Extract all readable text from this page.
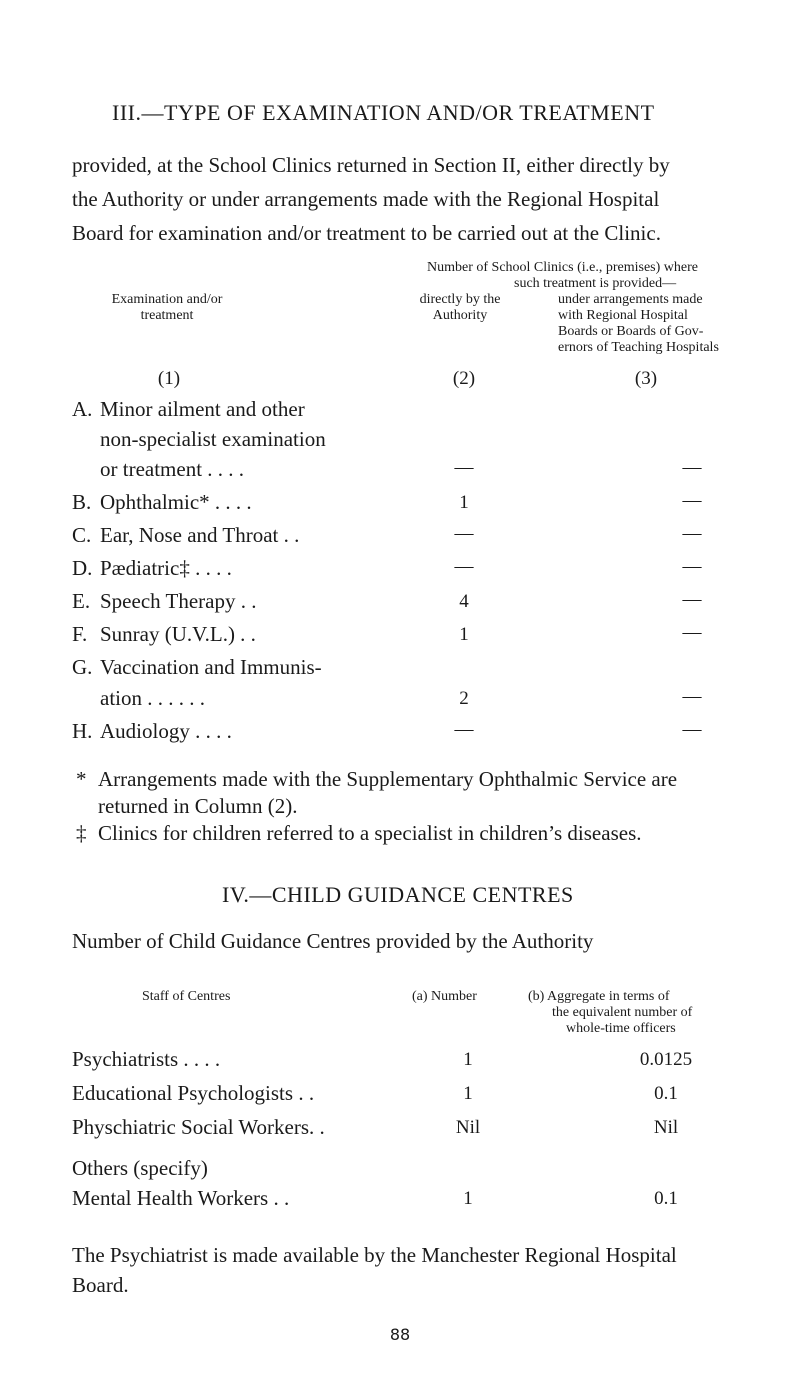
III.—TYPE OF EXAMINATION AND/OR TREATMENT
provided, at the School Clinics returned in Section II, either directly by
the Authority or under arrangements made with the Regional Hospital
Board for examination and/or treatment to be carried out at the Clinic.
Number of School Clinics (i.e., premises) where
such treatment is provided—
Examination and/or
treatment
directly by the
Authority
under arrangements made
with Regional Hospital
Boards or Boards of Gov-
ernors of Teaching Hospitals
(1)	(2)	(3)
A. Minor ailment and other
non-specialist examination
or treatment . . . .	—	—
B. Ophthalmic* . . . .	1	—
C. Ear, Nose and Throat . .	—	—
D. Pædiatric‡ . . . .	—	—
E. Speech Therapy . .	4	—
F. Sunray (U.V.L.) . .	1	—
G. Vaccination and Immunis-
ation . . . . . .	2	—
H. Audiology . . . .	—	—
* Arrangements made with the Supplementary Ophthalmic Service are
returned in Column (2).
‡ Clinics for children referred to a specialist in children’s diseases.
IV.—CHILD GUIDANCE CENTRES
Number of Child Guidance Centres provided by the Authority
Staff of Centres	(a) Number	(b) Aggregate in terms of
the equivalent number of
whole-time officers
Psychiatrists . . . .	1	0.0125
Educational Psychologists . .	1	0.1
Physchiatric Social Workers. .	Nil	Nil
Others (specify)
Mental Health Workers . .	1	0.1
The Psychiatrist is made available by the Manchester Regional Hospital
Board.
88
